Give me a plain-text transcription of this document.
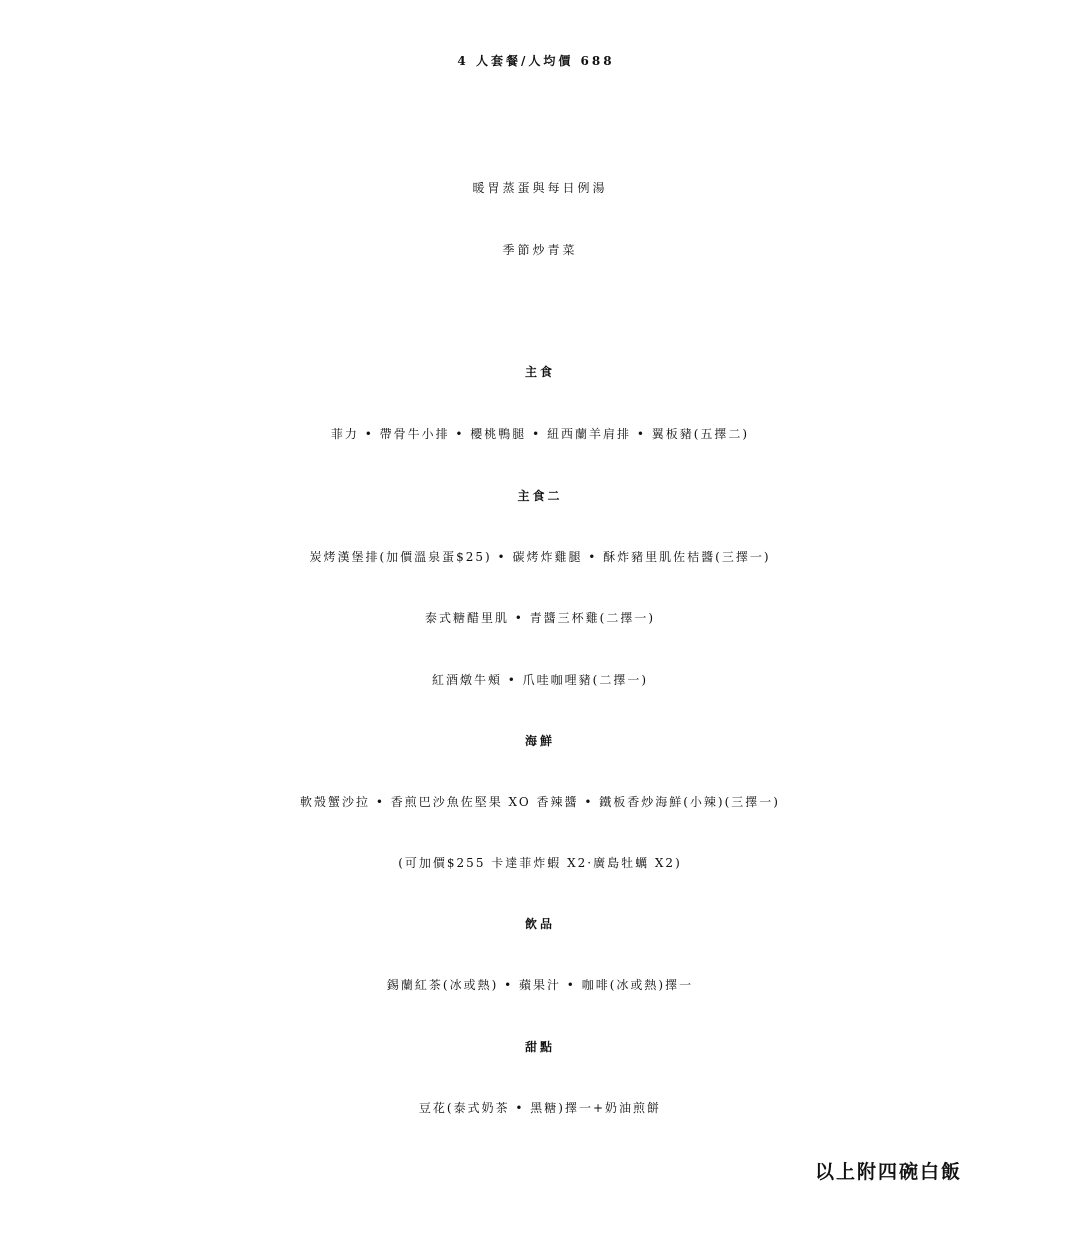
4 人套餐/人均價 688
暖胃蒸蛋與每日例湯
季節炒青菜
主食
菲力 • 帶骨牛小排 • 櫻桃鴨腿 • 紐西蘭羊肩排 • 翼板豬(五擇二)
主食二
炭烤漢堡排(加價溫泉蛋$25) • 碳烤炸雞腿 • 酥炸豬里肌佐桔醬(三擇一)
泰式糖醋里肌 • 青醬三杯雞(二擇一)
紅酒燉牛頰 • 爪哇咖哩豬(二擇一)
海鮮
軟殼蟹沙拉 • 香煎巴沙魚佐堅果 XO 香辣醬 • 鐵板香炒海鮮(小辣)(三擇一)
(可加價$255 卡達菲炸蝦 X2·廣島牡蠣 X2)
飲品
錫蘭紅茶(冰或熱) • 蘋果汁 • 咖啡(冰或熱)擇一
甜點
豆花(泰式奶茶 • 黑糖)擇一+奶油煎餅
以上附四碗白飯
